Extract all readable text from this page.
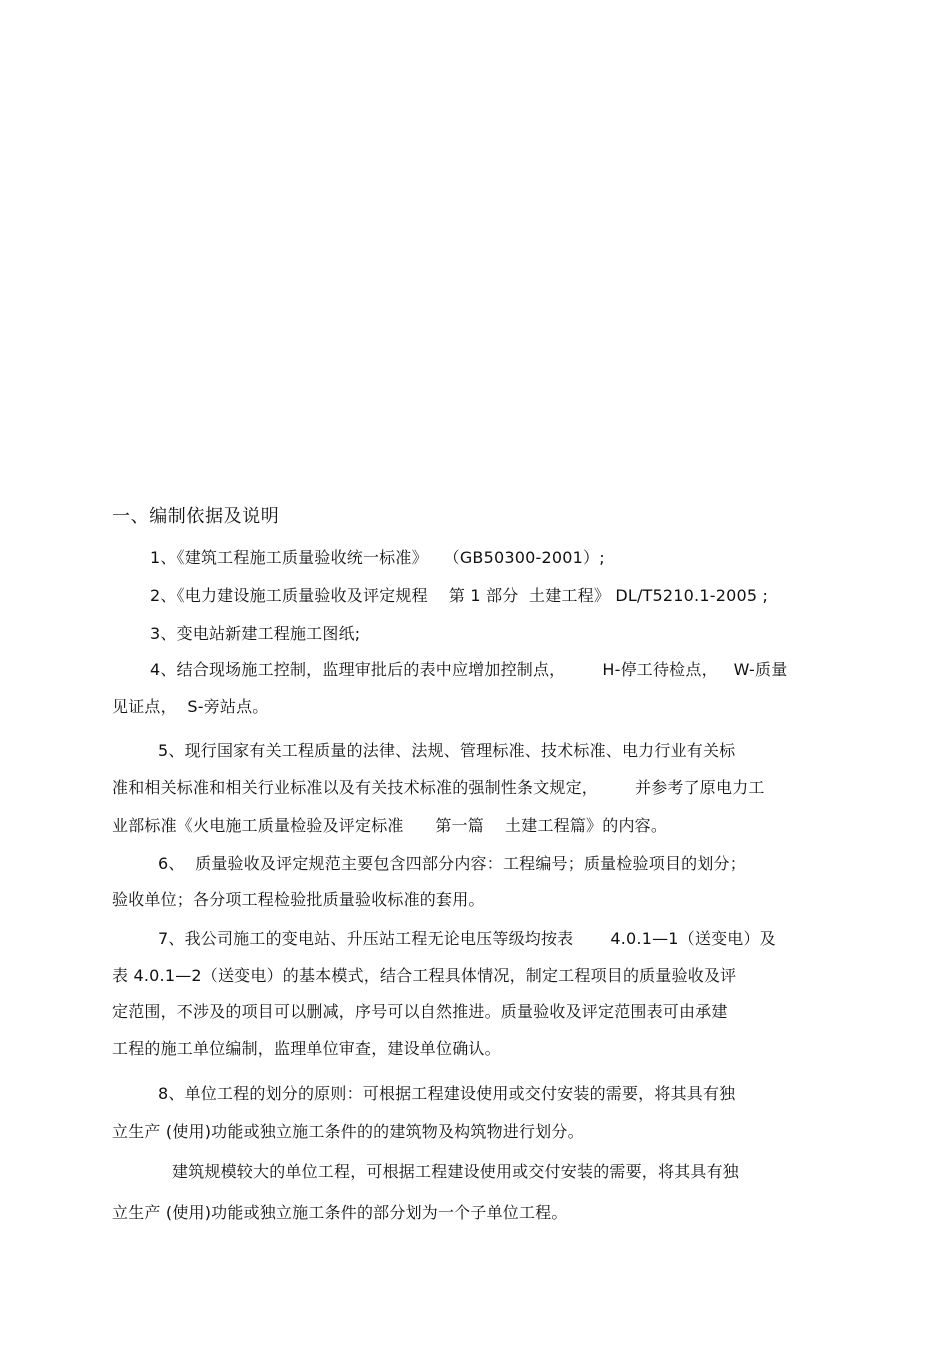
一、编制依据及说明
1、《建筑工程施工质量验收统一标准》   （GB50300-2001）;
2、《电力建设施工质量验收及评定规程    第 1 部分  土建工程》 DL/T5210.1-2005 ;
3、变电站新建工程施工图纸;
4、结合现场施工控制，监理审批后的表中应增加控制点，       H-停工待检点，   W-质量
见证点，  S-旁站点。
5、现行国家有关工程质量的法律、法规、管理标准、技术标准、电力行业有关标
准和相关标准和相关行业标准以及有关技术标准的强制性条文规定，       并参考了原电力工
业部标准《火电施工质量检验及评定标准      第一篇    土建工程篇》的内容。
6、  质量验收及评定规范主要包含四部分内容：工程编号；质量检验项目的划分；
验收单位；各分项工程检验批质量验收标准的套用。
7、我公司施工的变电站、升压站工程无论电压等级均按表       4.0.1—1（送变电）及
表 4.0.1—2（送变电）的基本模式，结合工程具体情况，制定工程项目的质量验收及评
定范围，不涉及的项目可以删减，序号可以自然推进。质量验收及评定范围表可由承建
工程的施工单位编制，监理单位审查，建设单位确认。
8、单位工程的划分的原则：可根据工程建设使用或交付安装的需要，将其具有独
立生产 (使用)功能或独立施工条件的的建筑物及构筑物进行划分。
建筑规模较大的单位工程，可根据工程建设使用或交付安装的需要，将其具有独
立生产 (使用)功能或独立施工条件的部分划为一个子单位工程。
